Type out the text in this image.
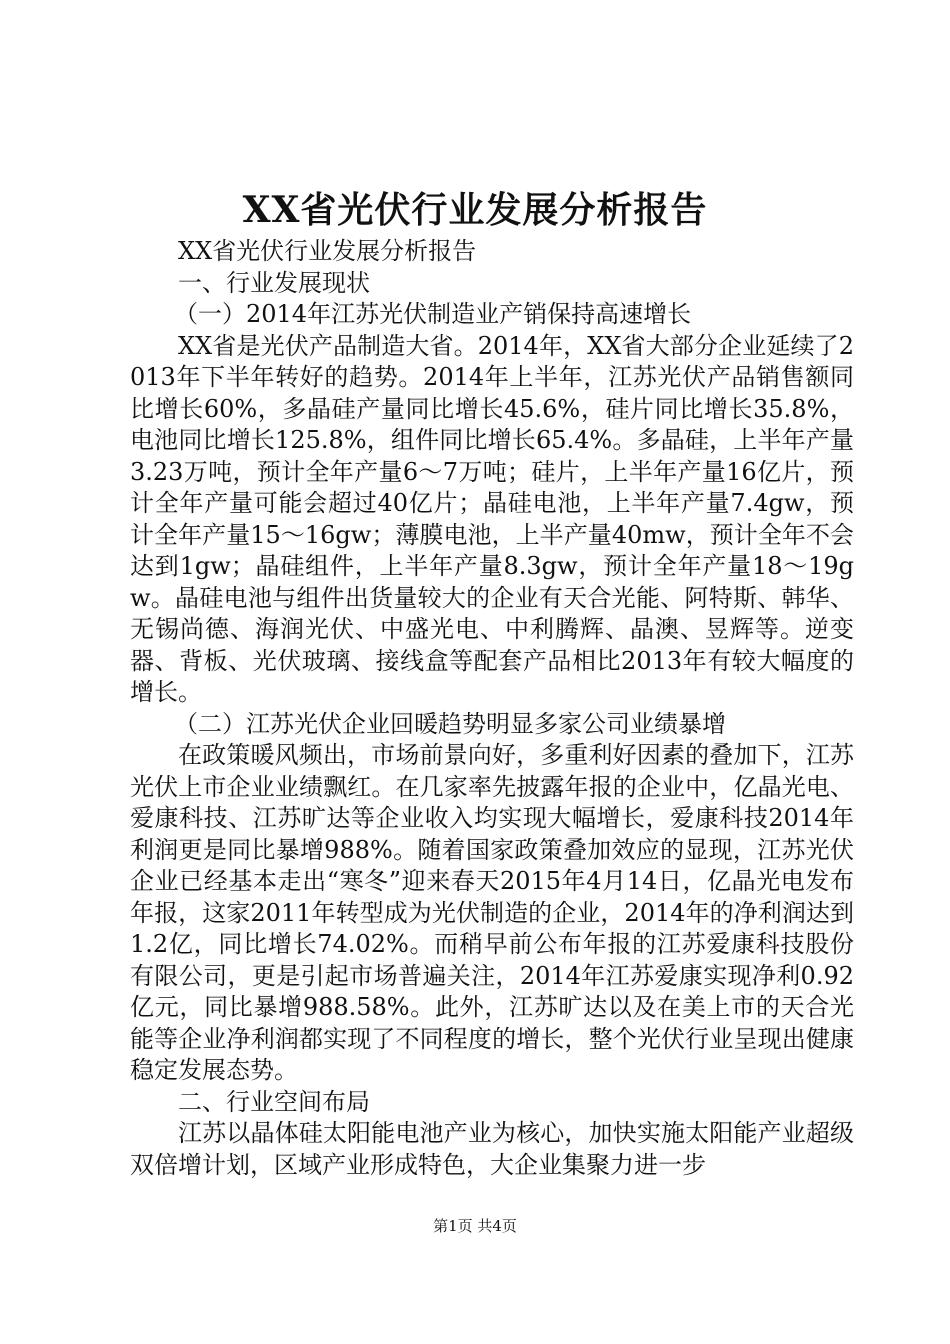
XX省光伏行业发展分析报告

XX省光伏行业发展分析报告

一、行业发展现状

（一）2014年江苏光伏制造业产销保持高速增长

XX省是光伏产品制造大省。2014年，XX省大部分企业延续了2013年下半年转好的趋势。2014年上半年，江苏光伏产品销售额同比增长60%，多晶硅产量同比增长45.6%，硅片同比增长35.8%，电池同比增长125.8%，组件同比增长65.4%。多晶硅，上半年产量3.23万吨，预计全年产量6～7万吨；硅片，上半年产量16亿片，预计全年产量可能会超过40亿片；晶硅电池，上半年产量7.4gw，预计全年产量15～16gw；薄膜电池，上半产量40mw，预计全年不会达到1gw；晶硅组件，上半年产量8.3gw，预计全年产量18～19gw。晶硅电池与组件出货量较大的企业有天合光能、阿特斯、韩华、无锡尚德、海润光伏、中盛光电、中利腾辉、晶澳、昱辉等。逆变器、背板、光伏玻璃、接线盒等配套产品相比2013年有较大幅度的增长。

（二）江苏光伏企业回暖趋势明显多家公司业绩暴增

在政策暖风频出，市场前景向好，多重利好因素的叠加下，江苏光伏上市企业业绩飘红。在几家率先披露年报的企业中，亿晶光电、爱康科技、江苏旷达等企业收入均实现大幅增长，爱康科技2014年利润更是同比暴增988%。随着国家政策叠加效应的显现，江苏光伏企业已经基本走出“寒冬”迎来春天2015年4月14日，亿晶光电发布年报，这家2011年转型成为光伏制造的企业，2014年的净利润达到1.2亿，同比增长74.02%。而稍早前公布年报的江苏爱康科技股份有限公司，更是引起市场普遍关注，2014年江苏爱康实现净利0.92亿元，同比暴增988.58%。此外，江苏旷达以及在美上市的天合光能等企业净利润都实现了不同程度的增长，整个光伏行业呈现出健康稳定发展态势。

二、行业空间布局

江苏以晶体硅太阳能电池产业为核心，加快实施太阳能产业超级双倍增计划，区域产业形成特色，大企业集聚力进一步

第1页 共4页
